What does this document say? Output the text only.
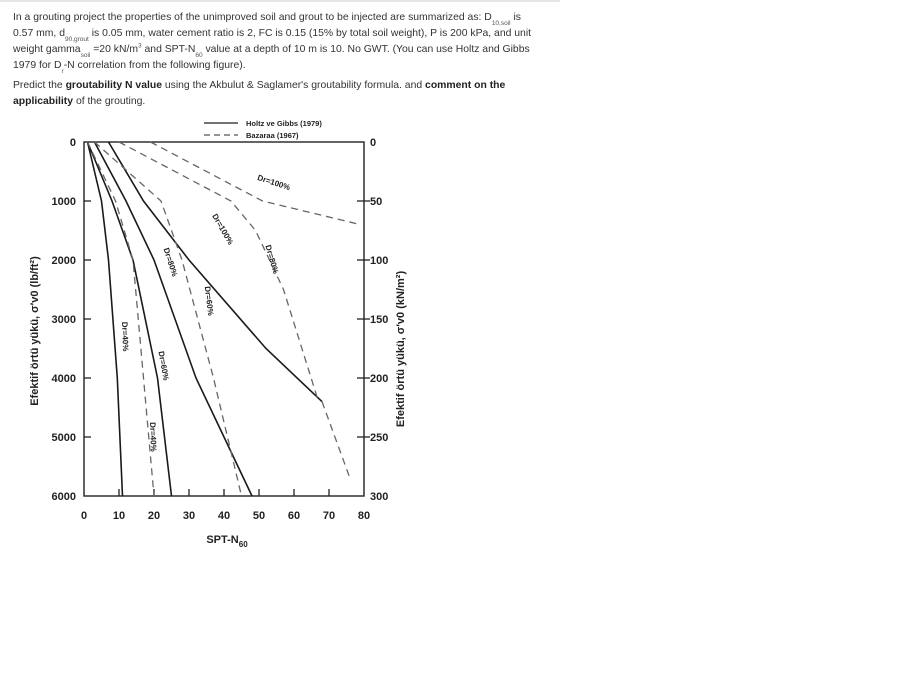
In a grouting project the properties of the unimproved soil and grout to be injected are summarized as: $D_{10,soil}$ is 0.57 mm, $d_{90,grout}$ is 0.05 mm, water cement ratio is 2, FC is 0.15 (15% by total soil weight), P is 200 kPa, and unit weight gamma$_{soil}$ =20 $kN/m^3$ and SPT-$N_{60}$ value at a depth of 10 m is 10. No GWT. (You can use Holtz and Gibbs 1979 for $D_r-N$ correlation from the following figure).

Predict the groutability N value using the Akbulut & Saglamer's groutability formula. and comment on the applicability of the grouting.

0 10 20 30 40 50 60 70 80
0
1000
2000
3000
4000
5000
6000
0
50
100
150
200
250
300
SPT-$N_{60}$
Efektif örtü yükü, σ′v0 (lb/ft²)	Efektif örtü yükü, σ′v0 (kN/m²)
Holtz ve Gibbs (1979)
Bazaraa (1967)
Dr=40%
Dr=60%
Dr=80%
Dr=100%
Dr=40%
Dr=60%
Dr=80%
Dr=100%
